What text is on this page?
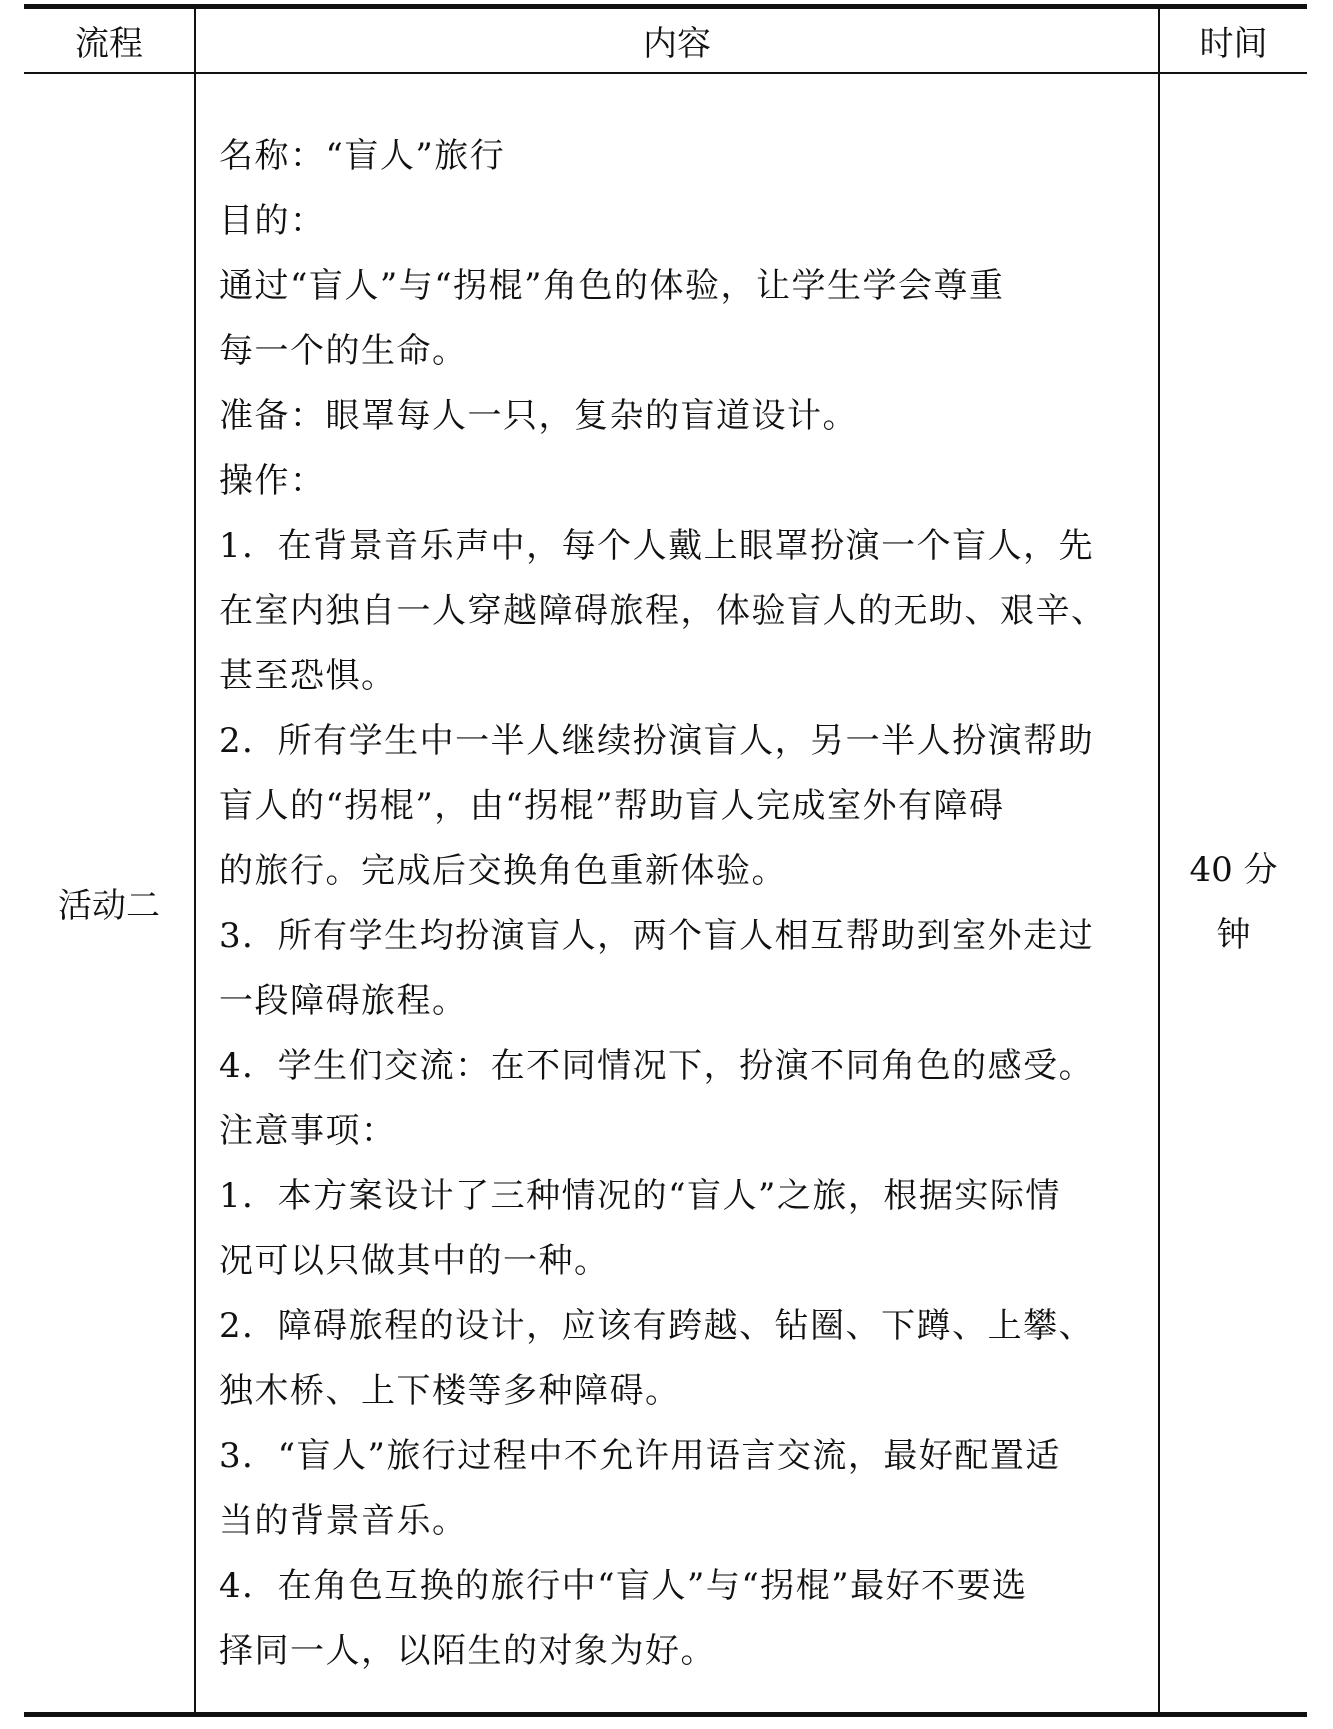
流程	内容	时间
活动二
40 分
钟
名称：“盲人”旅行
目的：
通过“盲人”与“拐棍”角色的体验，让学生学会尊重
每一个的生命。
准备：眼罩每人一只，复杂的盲道设计。
操作：
1．在背景音乐声中，每个人戴上眼罩扮演一个盲人，先
在室内独自一人穿越障碍旅程，体验盲人的无助、艰辛、
甚至恐惧。
2．所有学生中一半人继续扮演盲人，另一半人扮演帮助
盲人的“拐棍”，由“拐棍”帮助盲人完成室外有障碍
的旅行。完成后交换角色重新体验。
3．所有学生均扮演盲人，两个盲人相互帮助到室外走过
一段障碍旅程。
4．学生们交流：在不同情况下，扮演不同角色的感受。
注意事项：
1．本方案设计了三种情况的“盲人”之旅，根据实际情
况可以只做其中的一种。
2．障碍旅程的设计，应该有跨越、钻圈、下蹲、上攀、
独木桥、上下楼等多种障碍。
3．“盲人”旅行过程中不允许用语言交流，最好配置适
当的背景音乐。
4．在角色互换的旅行中“盲人”与“拐棍”最好不要选
择同一人，以陌生的对象为好。
